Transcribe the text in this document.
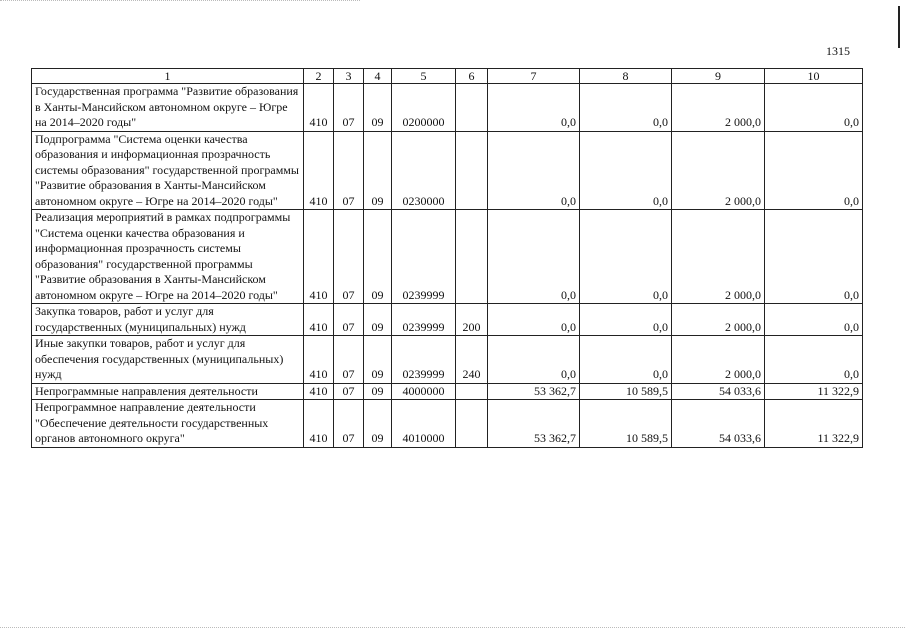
1315
1	2	3	4	5	6	7	8	9	10
Государственная программа "Развитие образования в Ханты-Мансийском автономном округе – Югре на 2014–2020 годы"	410	07	09	0200000		0,0	0,0	2 000,0	0,0
Подпрограмма "Система оценки качества образования и информационная прозрачность системы образования" государственной программы "Развитие образования в Ханты-Мансийском автономном округе – Югре на 2014–2020 годы"	410	07	09	0230000		0,0	0,0	2 000,0	0,0
Реализация мероприятий в рамках подпрограммы "Система оценки качества образования и информационная прозрачность системы образования" государственной программы "Развитие образования в Ханты-Мансийском автономном округе – Югре на 2014–2020 годы"	410	07	09	0239999		0,0	0,0	2 000,0	0,0
Закупка товаров, работ и услуг для государственных (муниципальных) нужд	410	07	09	0239999	200	0,0	0,0	2 000,0	0,0
Иные закупки товаров, работ и услуг для обеспечения государственных (муниципальных) нужд	410	07	09	0239999	240	0,0	0,0	2 000,0	0,0
Непрограммные направления деятельности	410	07	09	4000000		53 362,7	10 589,5	54 033,6	11 322,9
Непрограммное направление деятельности "Обеспечение деятельности государственных органов автономного округа"	410	07	09	4010000		53 362,7	10 589,5	54 033,6	11 322,9
